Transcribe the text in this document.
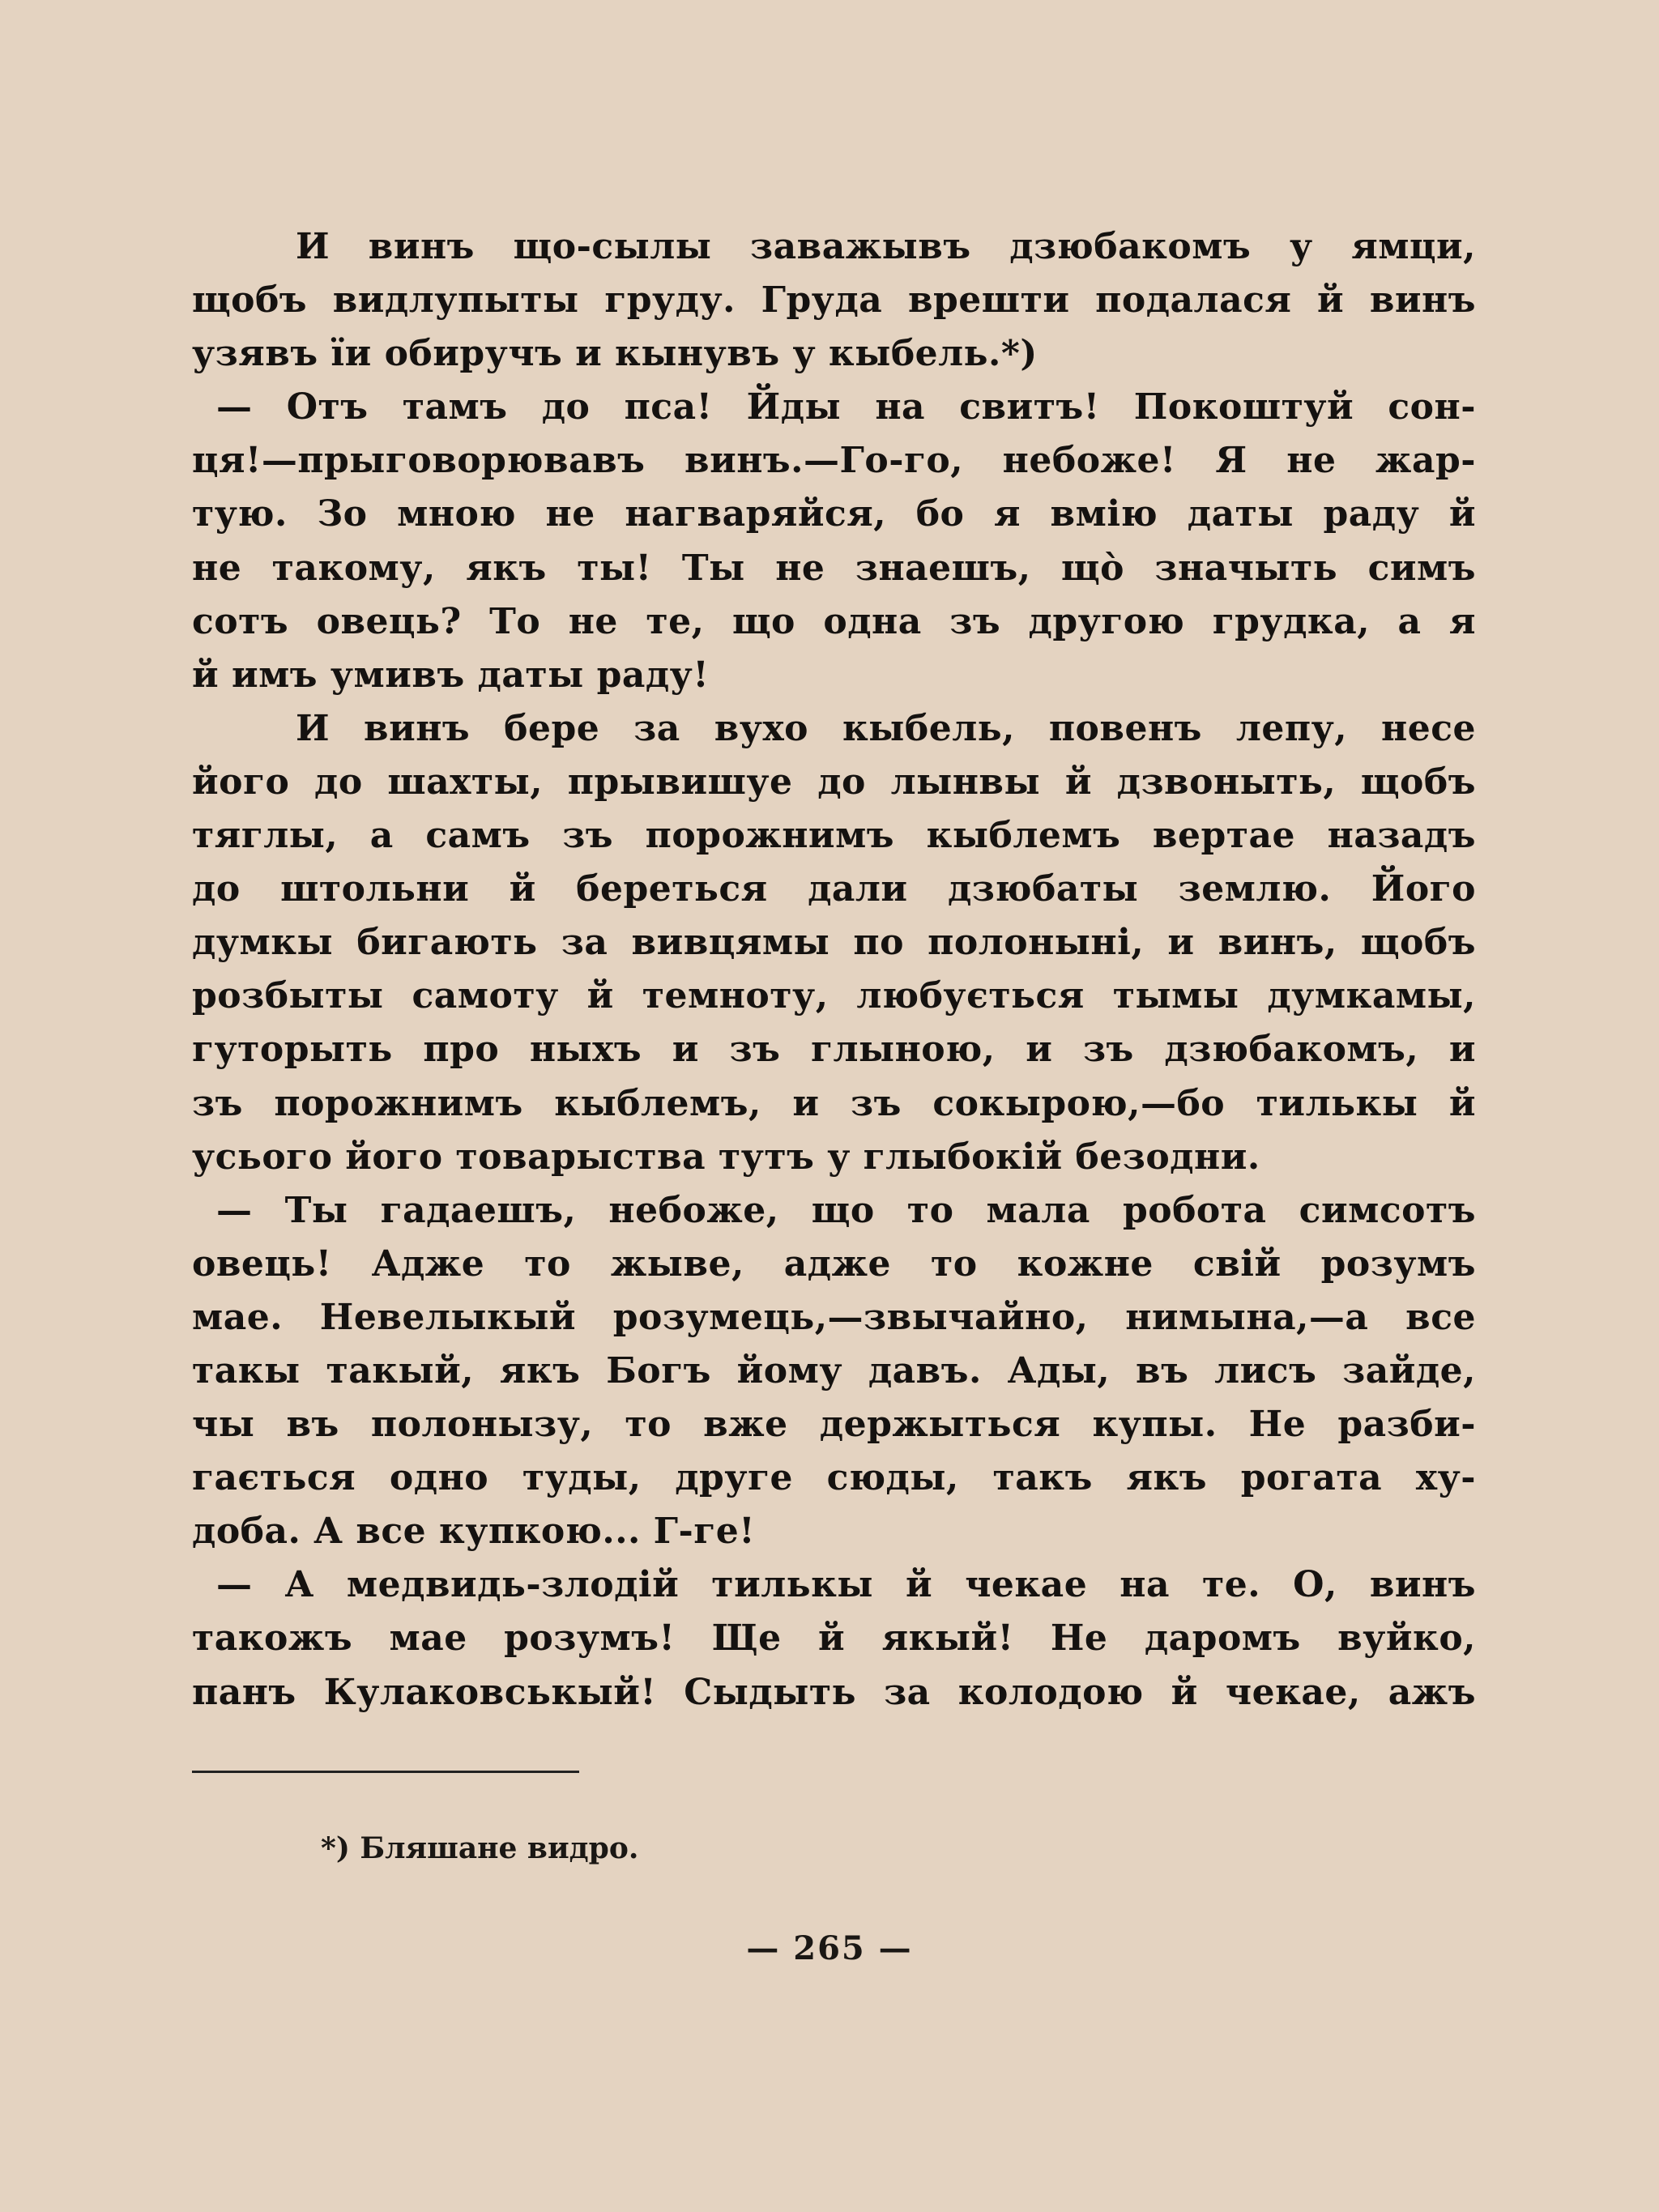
И винъ що-сылы заважывъ дзюбакомъ у ямци,
щобъ видлупыты груду. Груда врешти подалася й винъ
узявъ ïи обиручъ и кынувъ у кыбель.*)
— Отъ тамъ до пса! Йды на свитъ! Покоштуй сон-
ця!—прыговорювавъ винъ.—Го-го, небоже! Я не жар-
тую. Зо мною не нагваряйся, бо я вмію даты раду й
не такому, якъ ты! Ты не знаешъ, що̀ значыть симъ
сотъ овець? То не те, що одна зъ другою грудка, а я
й имъ умивъ даты раду!
И винъ бере за вухо кыбель, повенъ лепу, несе
його до шахты, прывишуе до лынвы й дзвоныть, щобъ
тяглы, а самъ зъ порожнимъ кыблемъ вертае назадъ
до штольни й береться дали дзюбаты землю. Його
думкы бигають за вивцямы по полонынi, и винъ, щобъ
розбыты самоту й темноту, любується тымы думкамы,
гуторыть про ныхъ и зъ глыною, и зъ дзюбакомъ, и
зъ порожнимъ кыблемъ, и зъ сокырою,—бо тилькы й
усього його товарыства тутъ у глыбокій безодни.
— Ты гадаешъ, небоже, що то мала робота симсотъ
овець! Адже то жыве, адже то кожне свій розумъ
мае. Невелыкый розумець,—звычайно, нимына,—а все
такы такый, якъ Богъ йому давъ. Ады, въ лисъ зайде,
чы въ полонызу, то вже держыться купы. Не разби-
гається одно туды, друге сюды, такъ якъ рогата ху-
доба. А все купкою... Г-ге!
— А медвидь-злодій тилькы й чекае на те. О, винъ
такожъ мае розумъ! Ще й якый! Не даромъ вуйко,
панъ Кулаковськый! Сыдыть за колодою й чекае, ажъ
*) Бляшане видро.
— 265 —
